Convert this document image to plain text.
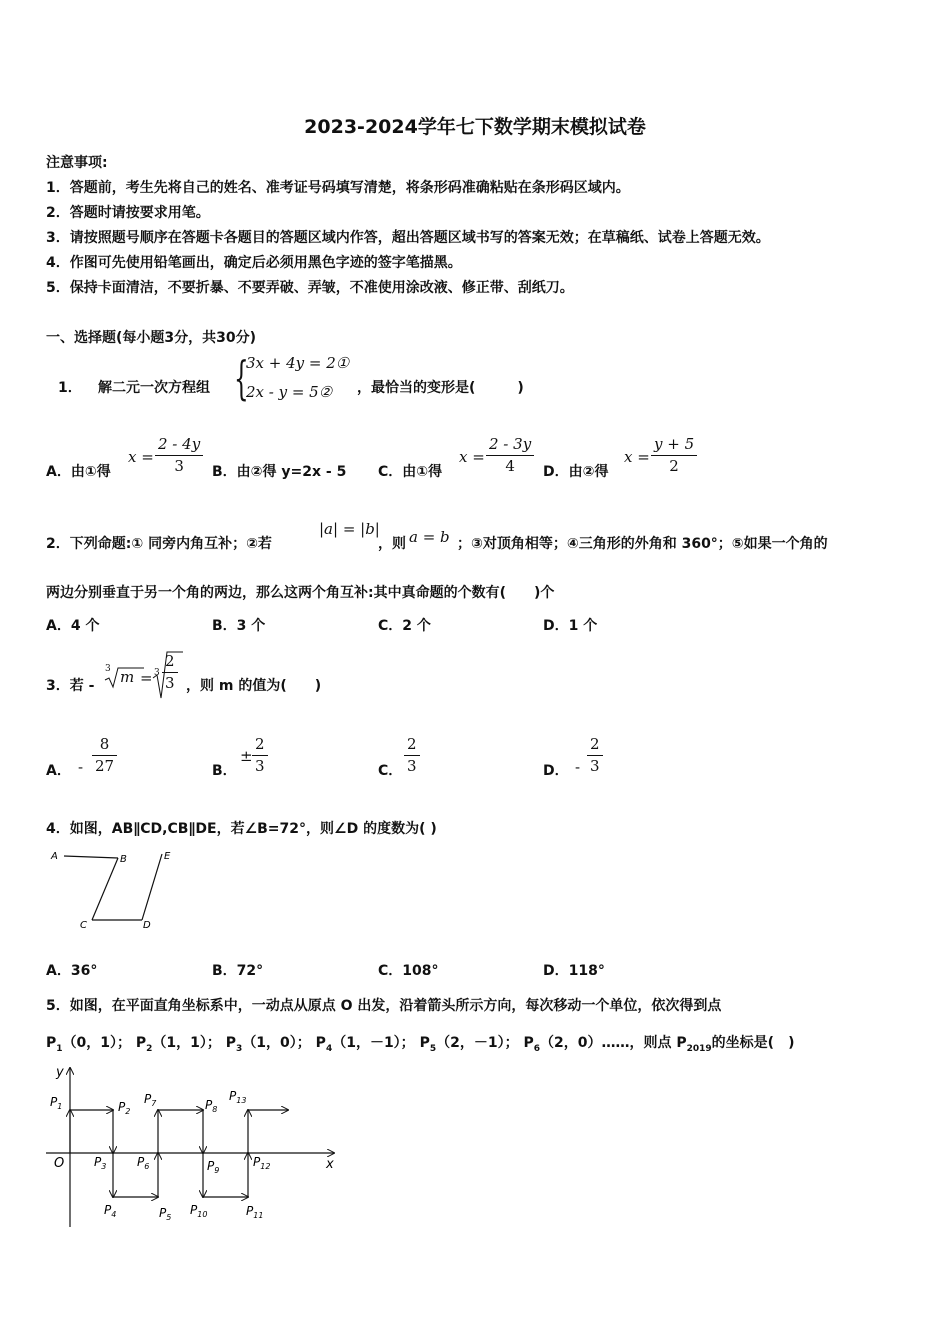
2023-2024学年七下数学期末模拟试卷
注意事项:
1．答题前，考生先将自己的姓名、准考证号码填写清楚，将条形码准确粘贴在条形码区域内。
2．答题时请按要求用笔。
3．请按照题号顺序在答题卡各题目的答题区域内作答，超出答题区域书写的答案无效；在草稿纸、试卷上答题无效。
4．作图可先使用铅笔画出，确定后必须用黑色字迹的签字笔描黑。
5．保持卡面清洁，不要折暴、不要弄破、弄皱，不准使用涂改液、修正带、刮纸刀。
一、选择题(每小题3分，共30分)
1． 解二元一次方程组 {
3x + 4y = 2①
2x - y = 5② ，最恰当的变形是(　　　)
A．由①得
$x = \frac{2 - 4y}{3}$ B．由②得 y=2x - 5 C．由①得
$x = \frac{2 - 3y}{4}$ D．由②得
$x = \frac{y + 5}{2}$
2．下列命题:① 同旁内角互补；②若
|a| = |b|
，则 a = b ；③对顶角相等；④三角形的外角和 360°；⑤如果一个角的
两边分别垂直于另一个角的两边，那么这两个角互补:其中真命题的个数有(　　)个
A．4 个	B．3 个	C．2 个	D．1 个
3．若 -
3 $m = 3 \frac{2}{3}$ ，则 m 的值为(　　)
A． - $\frac{8}{27}$	B．
± $\frac{2}{3}$	C． $\frac{2}{3}$	D． - $\frac{2}{3}$
4．如图，AB∥CD,CB∥DE，若∠B=72°，则∠D 的度数为( )
A	B
C	D
E
A．36°	B．72°	C．108°	D．118°
5．如图，在平面直角坐标系中，一动点从原点 O 出发，沿着箭头所示方向，每次移动一个单位，依次得到点
$P_1(0$，1）； $P_2(1$，1）； $P_3(1$，0）； $P_4(1$，－1）； $P_5(2$，－1）； $P_6(2$，0）……，则点 $P_{2019}$的坐标是(　)
y
x
O
$P_1$	$P_2$
$P_7$	$P_8$
$P_{13}$
$P_3$	$P_6$	$P_9$
$P_{12}$
$P_4$	$P_5$
$P_{10}$	$P_{11}$
